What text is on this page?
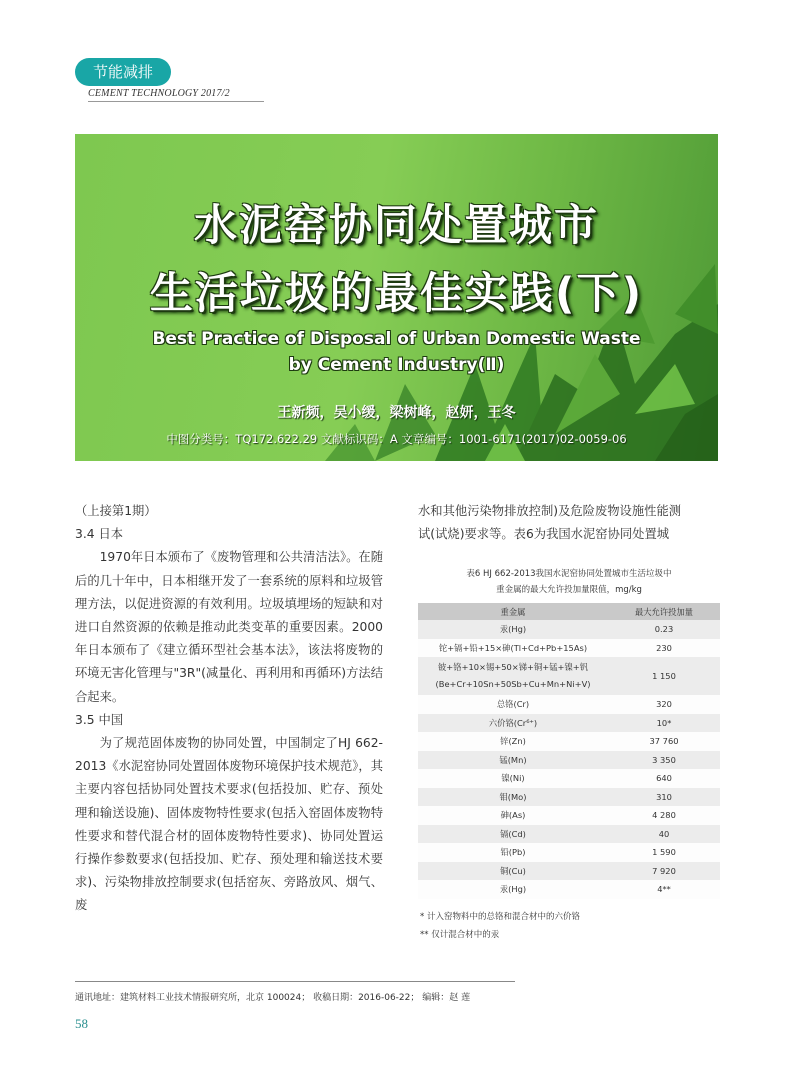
节能减排
CEMENT TECHNOLOGY 2017/2
水泥窑协同处置城市
生活垃圾的最佳实践(下)
Best Practice of Disposal of Urban Domestic Waste
by Cement Industry(Ⅱ)
王新频，吴小缓，梁树峰，赵妍，王冬
中图分类号：TQ172.622.29 文献标识码：A 文章编号：1001-6171(2017)02-0059-06

（上接第1期）

3.4 日本

1970年日本颁布了《废物管理和公共清洁法》。在随后的几十年中，日本相继开发了一套系统的原料和垃圾管理方法，以促进资源的有效利用。垃圾填埋场的短缺和对进口自然资源的依赖是推动此类变革的重要因素。2000年日本颁布了《建立循环型社会基本法》，该法将废物的环境无害化管理与"3R"(减量化、再利用和再循环)方法结合起来。

3.5 中国

为了规范固体废物的协同处置，中国制定了HJ 662-2013《水泥窑协同处置固体废物环境保护技术规范》，其主要内容包括协同处置技术要求(包括投加、贮存、预处理和输送设施)、固体废物特性要求(包括入窑固体废物特性要求和替代混合材的固体废物特性要求)、协同处置运行操作参数要求(包括投加、贮存、预处理和输送技术要求)、污染物排放控制要求(包括窑灰、旁路放风、烟气、废

水和其他污染物排放控制)及危险废物设施性能测

试(试烧)要求等。表6为我国水泥窑协同处置城

表6 HJ 662-2013我国水泥窑协同处置城市生活垃圾中
重金属的最大允许投加量限值，mg/kg
重金属	最大允许投加量
汞(Hg)	0.23
铊+镉+铅+15×砷(Tl+Cd+Pb+15As)	230

铍+铬+10×锡+50×锑+铜+锰+镍+钒
(Be+Cr+10Sn+50Sb+Cu+Mn+Ni+V)	1 150
总铬(Cr)	320
六价铬(Cr⁶⁺)	10*
锌(Zn)	37 760
锰(Mn)	3 350
镍(Ni)	640
钼(Mo)	310
砷(As)	4 280
镉(Cd)	40
铅(Pb)	1 590
铜(Cu)	7 920
汞(Hg)	4**
* 计入窑物料中的总铬和混合材中的六价铬
** 仅计混合材中的汞
通讯地址：建筑材料工业技术情报研究所，北京 100024； 收稿日期：2016-06-22； 编辑：赵 莲
58
